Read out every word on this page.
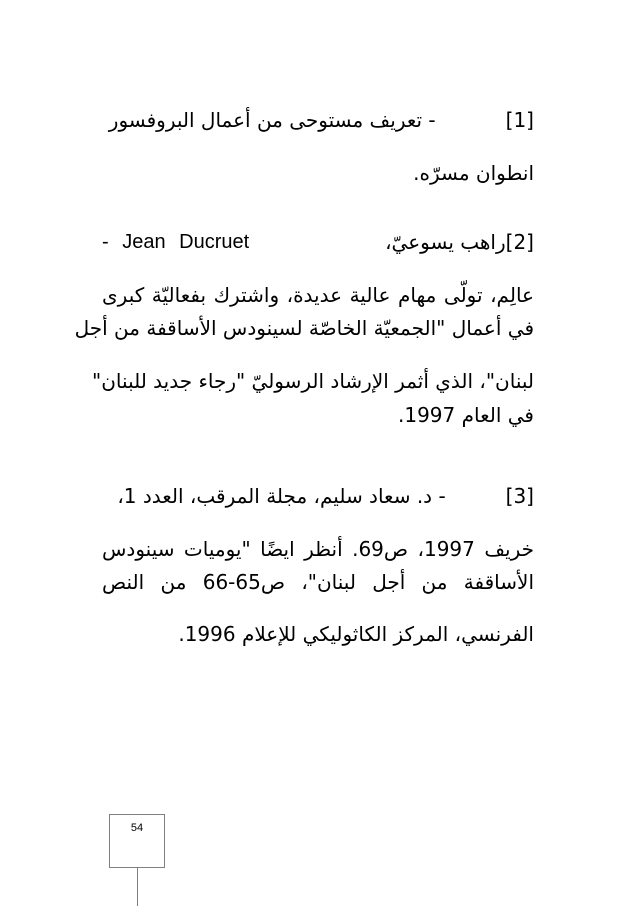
[1]
- تعريف مستوحى من أعمال البروفسور
انطوان مسرّه.
[2]
راهب يسوعيّ،
- Jean Ducruet
عالِم، تولّى مهام عالية عديدة، واشترك بفعاليّة كبرى
في أعمال "الجمعيّة الخاصّة لسينودس الأساقفة من أجل
لبنان"، الذي أثمر الإرشاد الرسوليّ "رجاء جديد للبنان"
في العام 1997.
[3]
- د. سعاد سليم، مجلة المرقب، العدد 1،
خريف 1997، ص69. أنظر ايضًا "يوميات سينودس
الأساقفة من أجل لبنان"، ص65-66 من النص
الفرنسي، المركز الكاثوليكي للإعلام 1996.
54
